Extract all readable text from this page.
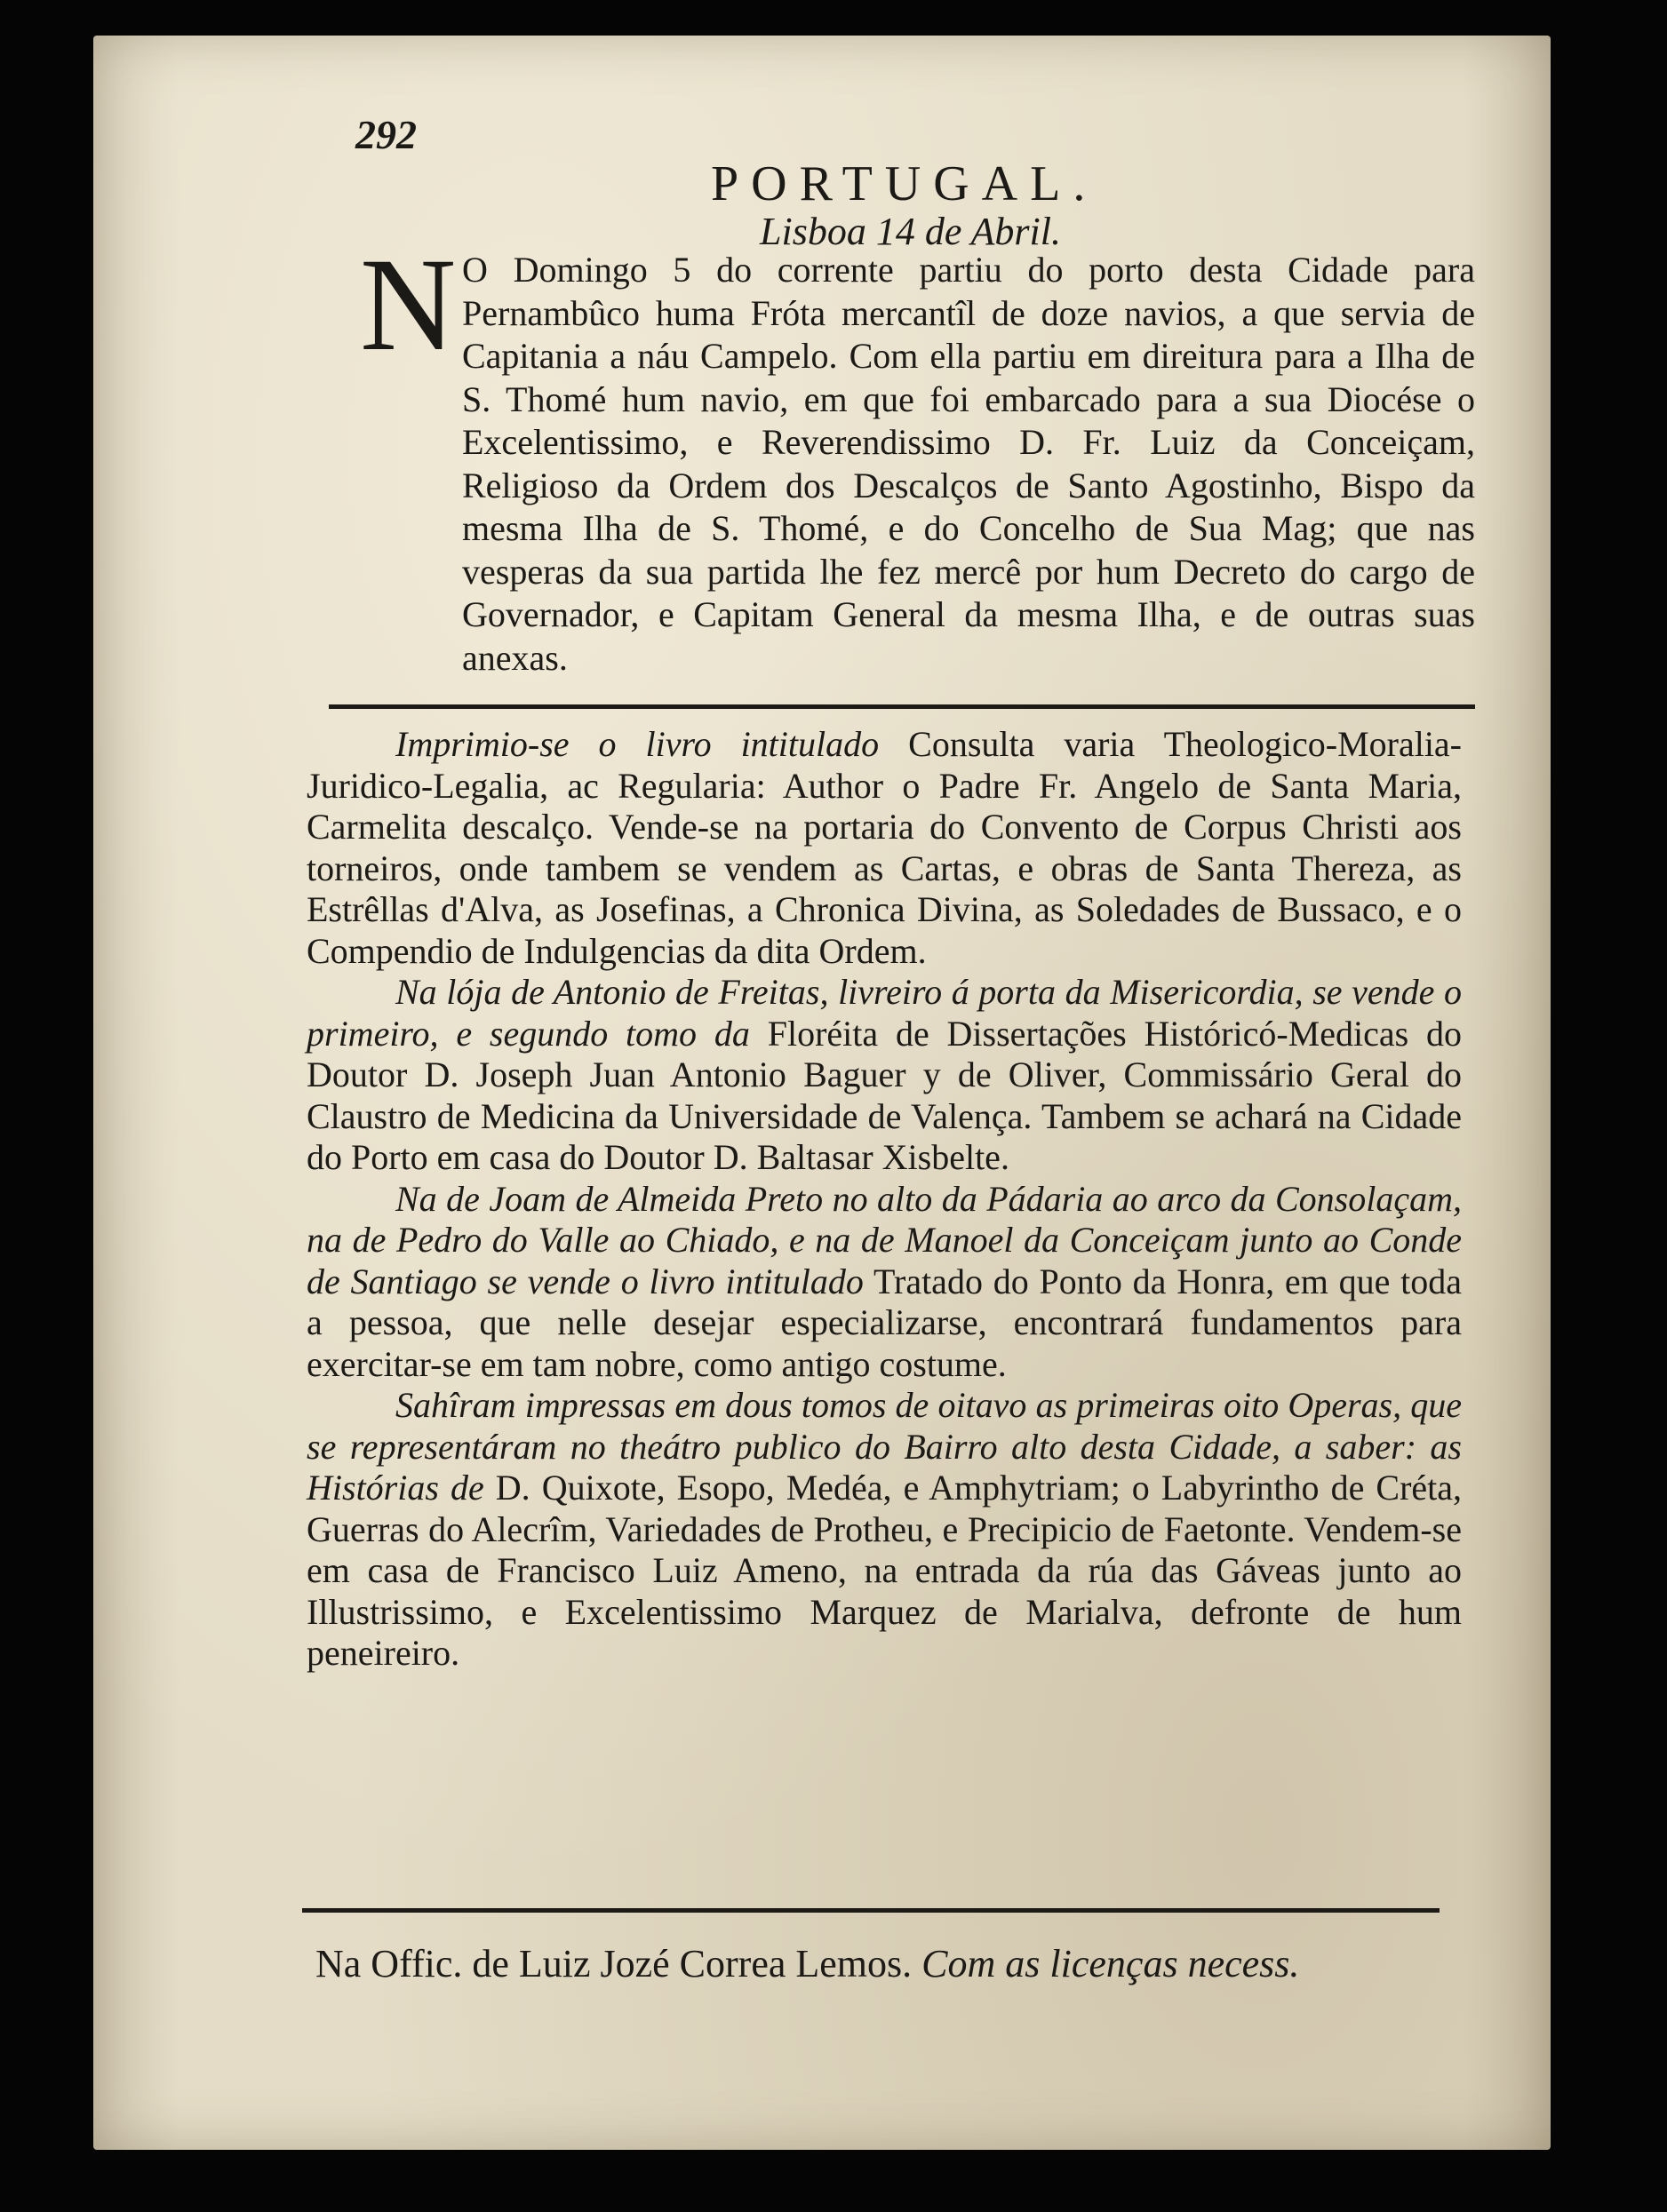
292
PORTUGAL.
Lisboa 14 de Abril.
N O Domingo 5 do corrente partiu do porto desta Cidade para Pernambûco huma Fróta mercantîl de doze navios, a que servia de Capitania a náu Campelo. Com ella partiu em direitura para a Ilha de S. Thomé hum navio, em que foi embarcado para a sua Diocése o Excelentissimo, e Reverendissimo D. Fr. Luiz da Conceiçam, Religioso da Ordem dos Descalços de Santo Agostinho, Bispo da mesma Ilha de S. Thomé, e do Concelho de Sua Mag; que nas vesperas da sua partida lhe fez mercê por hum Decreto do cargo de Governador, e Capitam General da mesma Ilha, e de outras suas anexas.

Imprimio-se o livro intitulado Consulta varia Theologico-Moralia-Juridico-Legalia, ac Regularia: Author o Padre Fr. Angelo de Santa Maria, Carmelita descalço. Vende-se na portaria do Convento de Corpus Christi aos torneiros, onde tambem se vendem as Cartas, e obras de Santa Thereza, as Estrêllas d'Alva, as Josefinas, a Chronica Divina, as Soledades de Bussaco, e o Compendio de Indulgencias da dita Ordem.

Na lója de Antonio de Freitas, livreiro á porta da Misericordia, se vende o primeiro, e segundo tomo da Floréita de Dissertações Históricó-Medicas do Doutor D. Joseph Juan Antonio Baguer y de Oliver, Commissário Geral do Claustro de Medicina da Universidade de Valença. Tambem se achará na Cidade do Porto em casa do Doutor D. Baltasar Xisbelte.

Na de Joam de Almeida Preto no alto da Pádaria ao arco da Consolaçam, na de Pedro do Valle ao Chiado, e na de Manoel da Conceiçam junto ao Conde de Santiago se vende o livro intitulado Tratado do Ponto da Honra, em que toda a pessoa, que nelle desejar especializarse, encontrará fundamentos para exercitar-se em tam nobre, como antigo costume.

Sahîram impressas em dous tomos de oitavo as primeiras oito Operas, que se representáram no theátro publico do Bairro alto desta Cidade, a saber: as Histórias de D. Quixote, Esopo, Medéa, e Amphytriam; o Labyrintho de Créta, Guerras do Alecrîm, Variedades de Protheu, e Precipicio de Faetonte. Vendem-se em casa de Francisco Luiz Ameno, na entrada da rúa das Gáveas junto ao Illustrissimo, e Excelentissimo Marquez de Marialva, defronte de hum peneireiro.

Na Offic. de Luiz Jozé Correa Lemos. Com as licenças necess.
